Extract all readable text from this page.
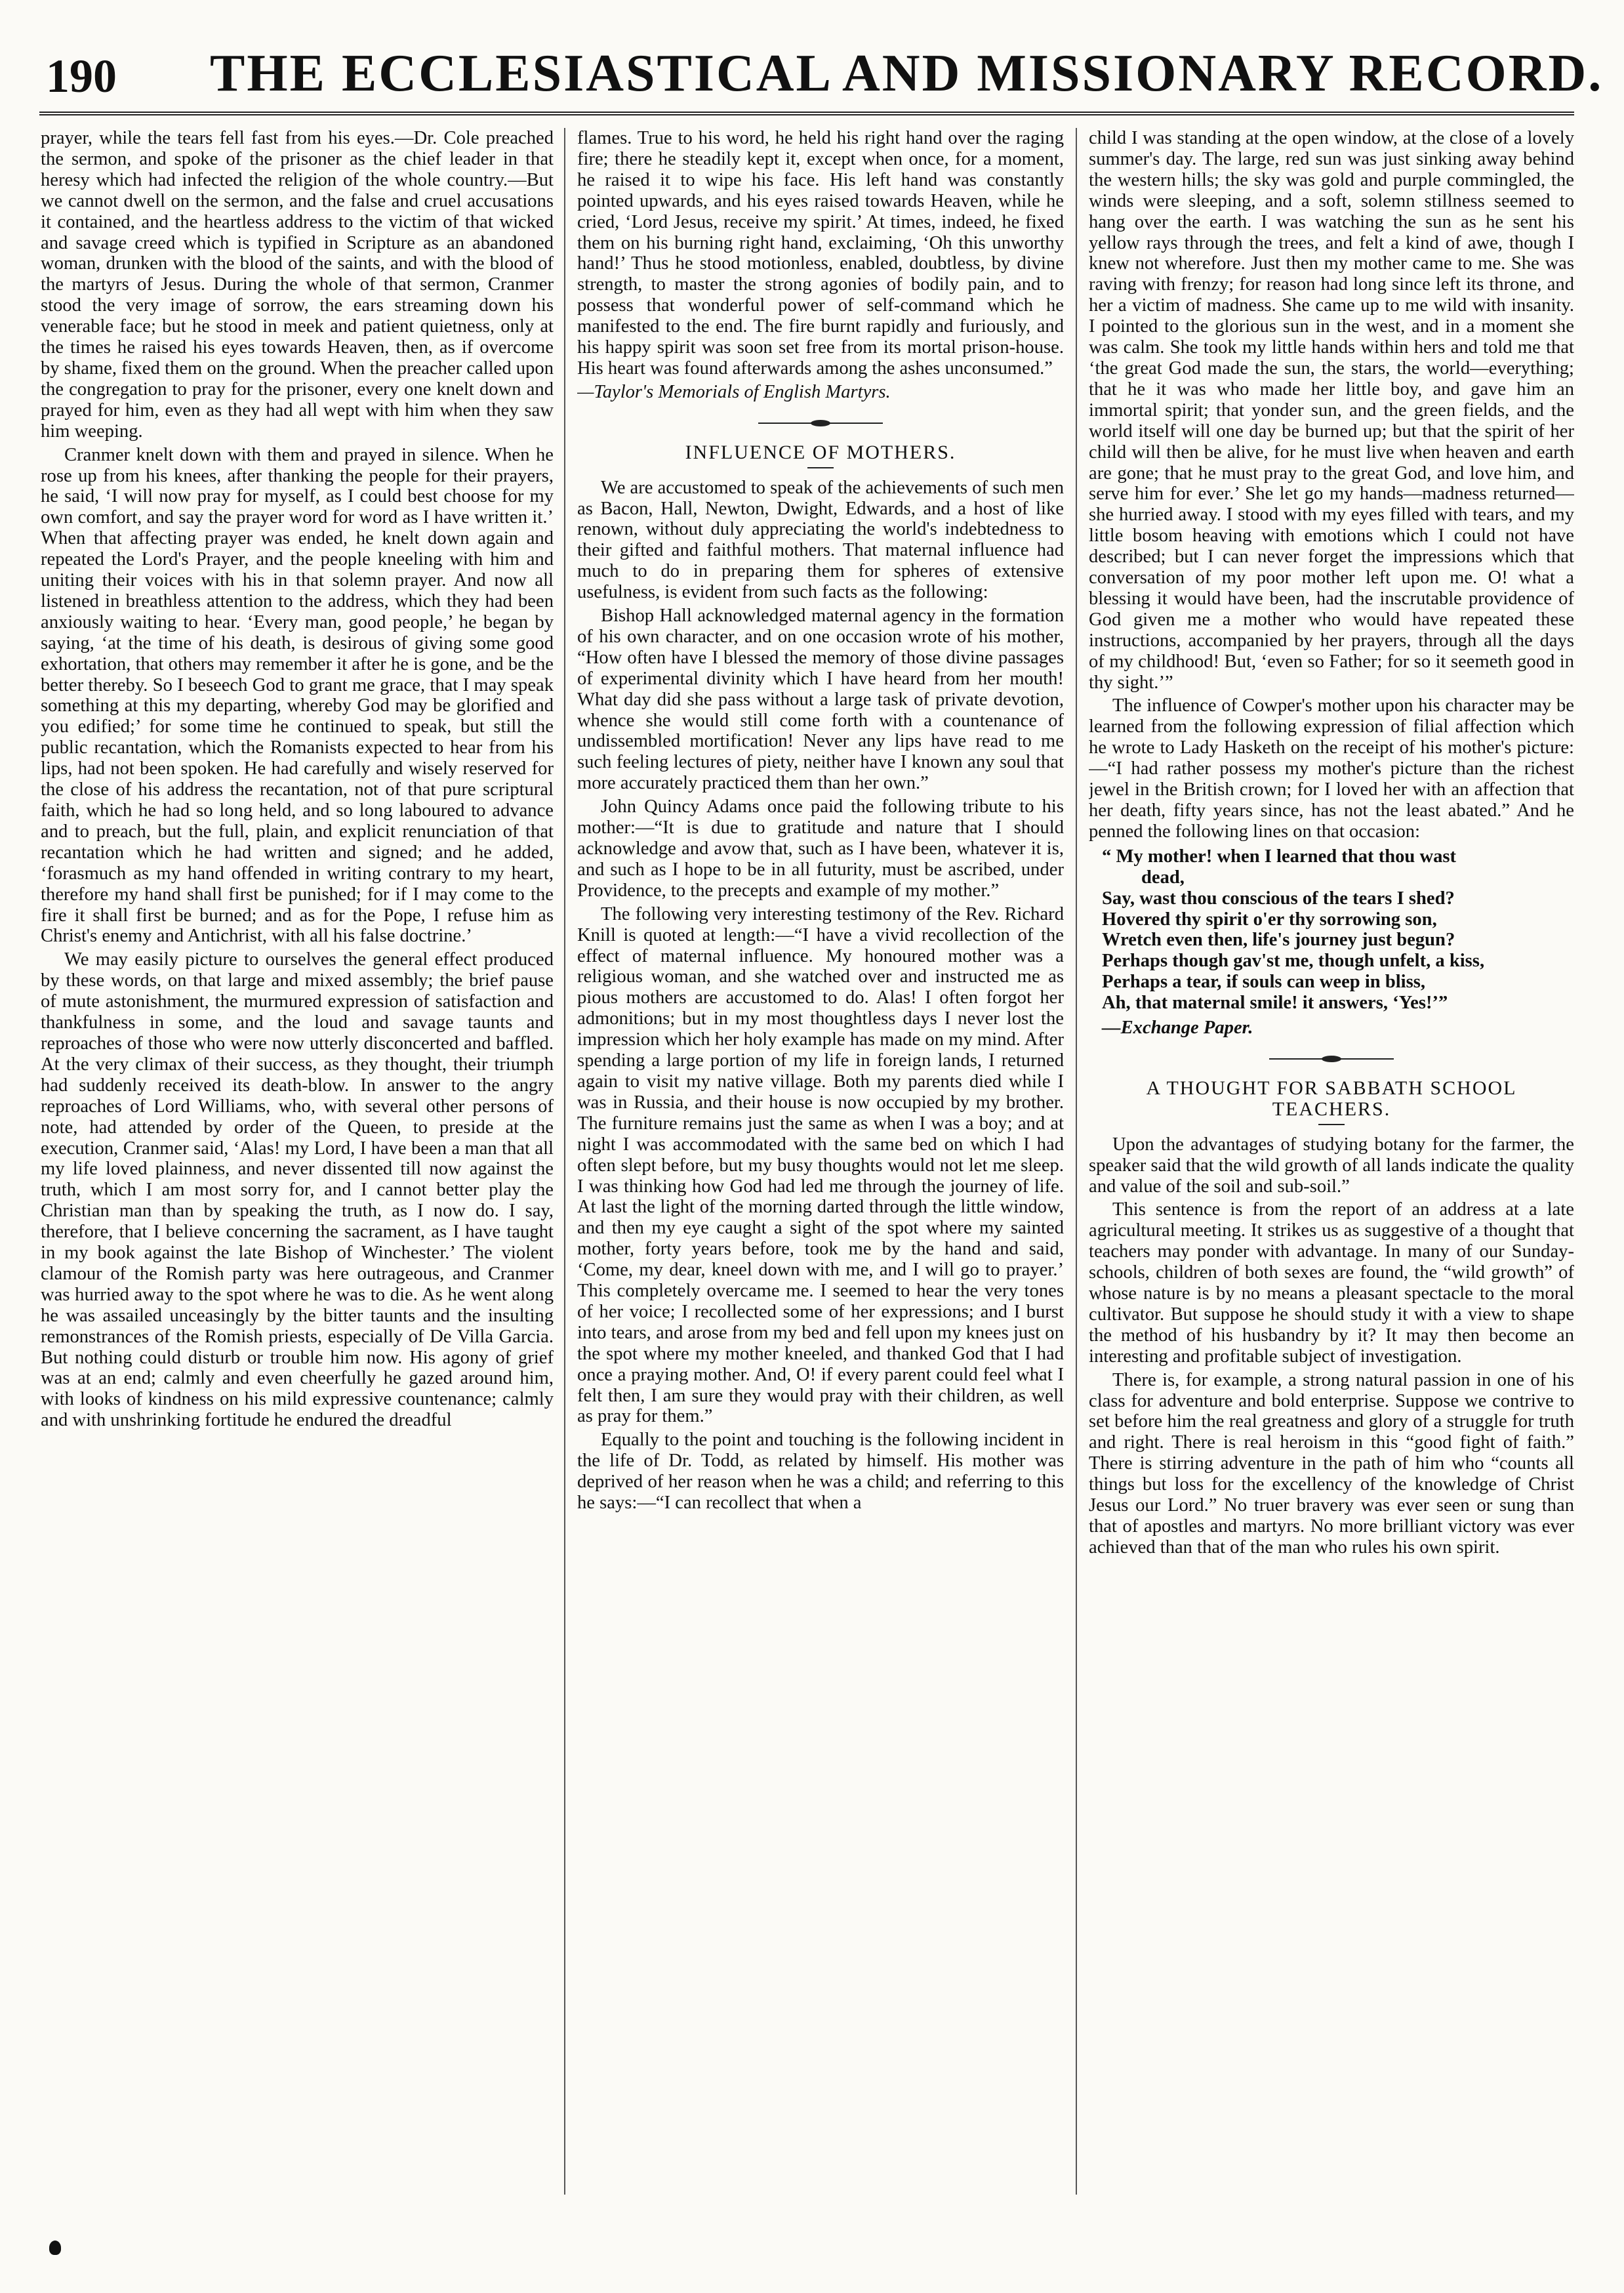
190 THE ECCLESIASTICAL AND MISSIONARY RECORD.

prayer, while the tears fell fast from his eyes.—Dr. Cole preached the sermon, and spoke of the prisoner as the chief leader in that heresy which had infected the religion of the whole country.—But we cannot dwell on the sermon, and the false and cruel accusations it contained, and the heartless address to the victim of that wicked and savage creed which is typified in Scripture as an abandoned woman, drunken with the blood of the saints, and with the blood of the martyrs of Jesus. During the whole of that sermon, Cranmer stood the very image of sorrow, the ears streaming down his venerable face; but he stood in meek and patient quietness, only at the times he raised his eyes towards Heaven, then, as if overcome by shame, fixed them on the ground. When the preacher called upon the congregation to pray for the prisoner, every one knelt down and prayed for him, even as they had all wept with him when they saw him weeping.

Cranmer knelt down with them and prayed in silence. When he rose up from his knees, after thanking the people for their prayers, he said, ‘I will now pray for myself, as I could best choose for my own comfort, and say the prayer word for word as I have written it.’ When that affecting prayer was ended, he knelt down again and repeated the Lord's Prayer, and the people kneeling with him and uniting their voices with his in that solemn prayer. And now all listened in breathless attention to the address, which they had been anxiously waiting to hear. ‘Every man, good people,’ he began by saying, ‘at the time of his death, is desirous of giving some good exhortation, that others may remember it after he is gone, and be the better thereby. So I beseech God to grant me grace, that I may speak something at this my departing, whereby God may be glorified and you edified;’ for some time he continued to speak, but still the public recantation, which the Romanists expected to hear from his lips, had not been spoken. He had carefully and wisely reserved for the close of his address the recantation, not of that pure scriptural faith, which he had so long held, and so long laboured to advance and to preach, but the full, plain, and explicit renunciation of that recantation which he had written and signed; and he added, ‘forasmuch as my hand offended in writing contrary to my heart, therefore my hand shall first be punished; for if I may come to the fire it shall first be burned; and as for the Pope, I refuse him as Christ's enemy and Antichrist, with all his false doctrine.’

We may easily picture to ourselves the general effect produced by these words, on that large and mixed assembly; the brief pause of mute astonishment, the murmured expression of satisfaction and thankfulness in some, and the loud and savage taunts and reproaches of those who were now utterly disconcerted and baffled. At the very climax of their success, as they thought, their triumph had suddenly received its death-blow. In answer to the angry reproaches of Lord Williams, who, with several other persons of note, had attended by order of the Queen, to preside at the execution, Cranmer said, ‘Alas! my Lord, I have been a man that all my life loved plainness, and never dissented till now against the truth, which I am most sorry for, and I cannot better play the Christian man than by speaking the truth, as I now do. I say, therefore, that I believe concerning the sacrament, as I have taught in my book against the late Bishop of Winchester.’ The violent clamour of the Romish party was here outrageous, and Cranmer was hurried away to the spot where he was to die. As he went along he was assailed unceasingly by the bitter taunts and the insulting remonstrances of the Romish priests, especially of De Villa Garcia. But nothing could disturb or trouble him now. His agony of grief was at an end; calmly and even cheerfully he gazed around him, with looks of kindness on his mild expressive countenance; calmly and with unshrinking fortitude he endured the dreadful

flames. True to his word, he held his right hand over the raging fire; there he steadily kept it, except when once, for a moment, he raised it to wipe his face. His left hand was constantly pointed upwards, and his eyes raised towards Heaven, while he cried, ‘Lord Jesus, receive my spirit.’ At times, indeed, he fixed them on his burning right hand, exclaiming, ‘Oh this unworthy hand!’ Thus he stood motionless, enabled, doubtless, by divine strength, to master the strong agonies of bodily pain, and to possess that wonderful power of self-command which he manifested to the end. The fire burnt rapidly and furiously, and his happy spirit was soon set free from its mortal prison-house. His heart was found afterwards among the ashes unconsumed.”

—Taylor's Memorials of English Martyrs.
INFLUENCE OF MOTHERS.

We are accustomed to speak of the achievements of such men as Bacon, Hall, Newton, Dwight, Edwards, and a host of like renown, without duly appreciating the world's indebtedness to their gifted and faithful mothers. That maternal influence had much to do in preparing them for spheres of extensive usefulness, is evident from such facts as the following:

Bishop Hall acknowledged maternal agency in the formation of his own character, and on one occasion wrote of his mother, “How often have I blessed the memory of those divine passages of experimental divinity which I have heard from her mouth! What day did she pass without a large task of private devotion, whence she would still come forth with a countenance of undissembled mortification! Never any lips have read to me such feeling lectures of piety, neither have I known any soul that more accurately practiced them than her own.”

John Quincy Adams once paid the following tribute to his mother:—“It is due to gratitude and nature that I should acknowledge and avow that, such as I have been, whatever it is, and such as I hope to be in all futurity, must be ascribed, under Providence, to the precepts and example of my mother.”

The following very interesting testimony of the Rev. Richard Knill is quoted at length:—“I have a vivid recollection of the effect of maternal influence. My honoured mother was a religious woman, and she watched over and instructed me as pious mothers are accustomed to do. Alas! I often forgot her admonitions; but in my most thoughtless days I never lost the impression which her holy example has made on my mind. After spending a large portion of my life in foreign lands, I returned again to visit my native village. Both my parents died while I was in Russia, and their house is now occupied by my brother. The furniture remains just the same as when I was a boy; and at night I was accommodated with the same bed on which I had often slept before, but my busy thoughts would not let me sleep. I was thinking how God had led me through the journey of life. At last the light of the morning darted through the little window, and then my eye caught a sight of the spot where my sainted mother, forty years before, took me by the hand and said, ‘Come, my dear, kneel down with me, and I will go to prayer.’ This completely overcame me. I seemed to hear the very tones of her voice; I recollected some of her expressions; and I burst into tears, and arose from my bed and fell upon my knees just on the spot where my mother kneeled, and thanked God that I had once a praying mother. And, O! if every parent could feel what I felt then, I am sure they would pray with their children, as well as pray for them.”

Equally to the point and touching is the following incident in the life of Dr. Todd, as related by himself. His mother was deprived of her reason when he was a child; and referring to this he says:—“I can recollect that when a

child I was standing at the open window, at the close of a lovely summer's day. The large, red sun was just sinking away behind the western hills; the sky was gold and purple commingled, the winds were sleeping, and a soft, solemn stillness seemed to hang over the earth. I was watching the sun as he sent his yellow rays through the trees, and felt a kind of awe, though I knew not wherefore. Just then my mother came to me. She was raving with frenzy; for reason had long since left its throne, and her a victim of madness. She came up to me wild with insanity. I pointed to the glorious sun in the west, and in a moment she was calm. She took my little hands within hers and told me that ‘the great God made the sun, the stars, the world—everything; that he it was who made her little boy, and gave him an immortal spirit; that yonder sun, and the green fields, and the world itself will one day be burned up; but that the spirit of her child will then be alive, for he must live when heaven and earth are gone; that he must pray to the great God, and love him, and serve him for ever.’ She let go my hands—madness returned—she hurried away. I stood with my eyes filled with tears, and my little bosom heaving with emotions which I could not have described; but I can never forget the impressions which that conversation of my poor mother left upon me. O! what a blessing it would have been, had the inscrutable providence of God given me a mother who would have repeated these instructions, accompanied by her prayers, through all the days of my childhood! But, ‘even so Father; for so it seemeth good in thy sight.’”

The influence of Cowper's mother upon his character may be learned from the following expression of filial affection which he wrote to Lady Hasketh on the receipt of his mother's picture:—“I had rather possess my mother's picture than the richest jewel in the British crown; for I loved her with an affection that her death, fifty years since, has not the least abated.” And he penned the following lines on that occasion:

“ My mother! when I learned that thou wast
dead,
Say, wast thou conscious of the tears I shed?
Hovered thy spirit o'er thy sorrowing son,
Wretch even then, life's journey just begun?
Perhaps though gav'st me, though unfelt, a kiss,
Perhaps a tear, if souls can weep in bliss,
Ah, that maternal smile! it answers, ‘Yes!’”
—Exchange Paper.
A THOUGHT FOR SABBATH SCHOOL TEACHERS.

Upon the advantages of studying botany for the farmer, the speaker said that the wild growth of all lands indicate the quality and value of the soil and sub-soil.”

This sentence is from the report of an address at a late agricultural meeting. It strikes us as suggestive of a thought that teachers may ponder with advantage. In many of our Sunday-schools, children of both sexes are found, the “wild growth” of whose nature is by no means a pleasant spectacle to the moral cultivator. But suppose he should study it with a view to shape the method of his husbandry by it? It may then become an interesting and profitable subject of investigation.

There is, for example, a strong natural passion in one of his class for adventure and bold enterprise. Suppose we contrive to set before him the real greatness and glory of a struggle for truth and right. There is real heroism in this “good fight of faith.” There is stirring adventure in the path of him who “counts all things but loss for the excellency of the knowledge of Christ Jesus our Lord.” No truer bravery was ever seen or sung than that of apostles and martyrs. No more brilliant victory was ever achieved than that of the man who rules his own spirit.
